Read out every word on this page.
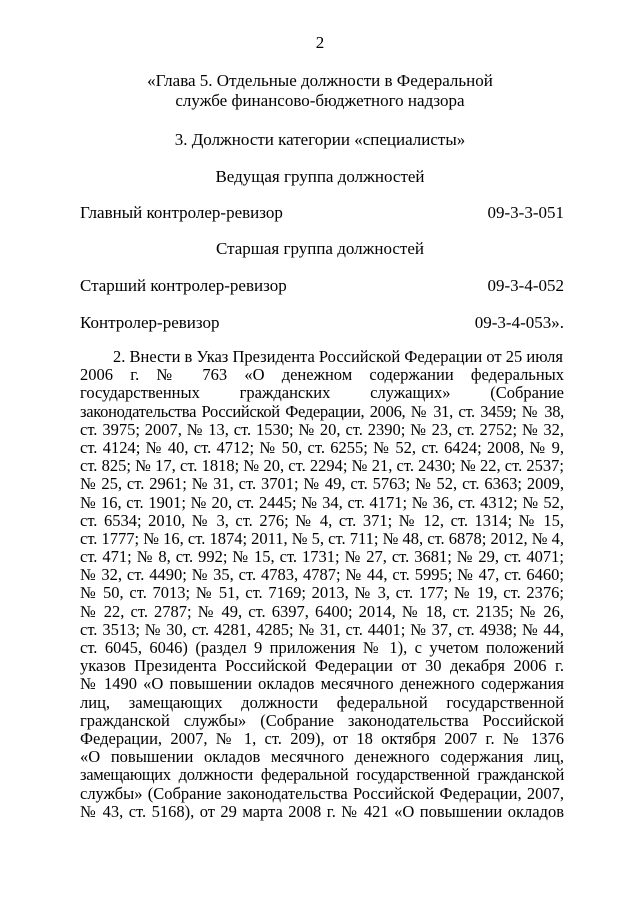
2
«Глава 5. Отдельные должности в Федеральной
службе финансово-бюджетного надзора
3. Должности категории «специалисты»
Ведущая группа должностей
Главный контролер-ревизор	09-3-3-051
Старшая группа должностей
Старший контролер-ревизор	09-3-4-052
Контролер-ревизор	09-3-4-053».
2. Внести в Указ Президента Российской Федерации от 25 июля
2006 г. № 763 «О денежном содержании федеральных
государственных гражданских служащих» (Собрание
законодательства Российской Федерации, 2006, № 31, ст. 3459; № 38,
ст. 3975; 2007, № 13, ст. 1530; № 20, ст. 2390; № 23, ст. 2752; № 32,
ст. 4124; № 40, ст. 4712; № 50, ст. 6255; № 52, ст. 6424; 2008, № 9,
ст. 825; № 17, ст. 1818; № 20, ст. 2294; № 21, ст. 2430; № 22, ст. 2537;
№ 25, ст. 2961; № 31, ст. 3701; № 49, ст. 5763; № 52, ст. 6363; 2009,
№ 16, ст. 1901; № 20, ст. 2445; № 34, ст. 4171; № 36, ст. 4312; № 52,
ст. 6534; 2010, № 3, ст. 276; № 4, ст. 371; № 12, ст. 1314; № 15,
ст. 1777; № 16, ст. 1874; 2011, № 5, ст. 711; № 48, ст. 6878; 2012, № 4,
ст. 471; № 8, ст. 992; № 15, ст. 1731; № 27, ст. 3681; № 29, ст. 4071;
№ 32, ст. 4490; № 35, ст. 4783, 4787; № 44, ст. 5995; № 47, ст. 6460;
№ 50, ст. 7013; № 51, ст. 7169; 2013, № 3, ст. 177; № 19, ст. 2376;
№ 22, ст. 2787; № 49, ст. 6397, 6400; 2014, № 18, ст. 2135; № 26,
ст. 3513; № 30, ст. 4281, 4285; № 31, ст. 4401; № 37, ст. 4938; № 44,
ст. 6045, 6046) (раздел 9 приложения № 1), с учетом положений
указов Президента Российской Федерации от 30 декабря 2006 г.
№ 1490 «О повышении окладов месячного денежного содержания
лиц, замещающих должности федеральной государственной
гражданской службы» (Собрание законодательства Российской
Федерации, 2007, № 1, ст. 209), от 18 октября 2007 г. № 1376
«О повышении окладов месячного денежного содержания лиц,
замещающих должности федеральной государственной гражданской
службы» (Собрание законодательства Российской Федерации, 2007,
№ 43, ст. 5168), от 29 марта 2008 г. № 421 «О повышении окладов
